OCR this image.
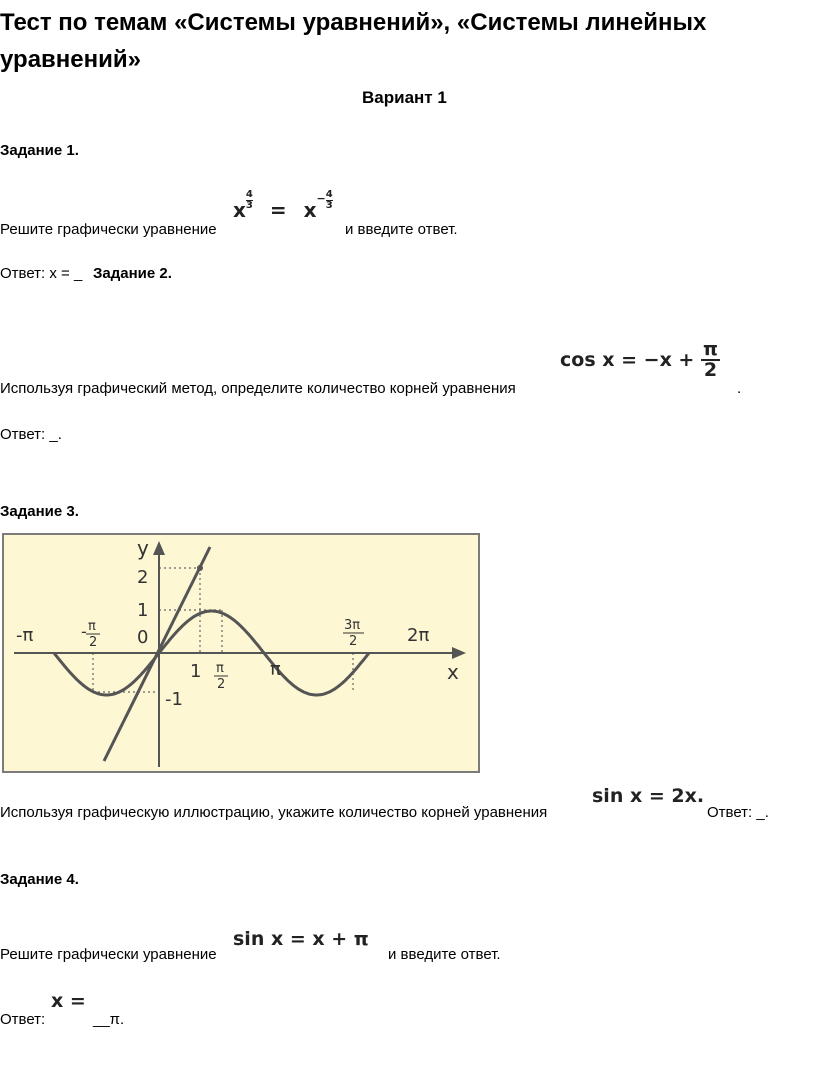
Тест по темам «Системы уравнений», «Системы линейных уравнений»
Вариант 1
Задание 1.
Решите графически уравнение
x $\frac{4}{3} = x^- \frac{4}{3}$
и введите ответ.
Ответ: x = _ Задание 2.
Используя графический метод, определите количество корней уравнения
$\cos x = -x + \frac{\pi}{2}$
.
Ответ: _.
Задание 3.
y
x
2
1
0
-1
1
-π	- π
2
π
2
π
3π
2	2π
Используя графическую иллюстрацию, укажите количество корней уравнения
sin x = 2x.
Ответ: _.
Задание 4.
Решите графически уравнение
sin x = x + π
и введите ответ.
Ответ:
x =
__π.
